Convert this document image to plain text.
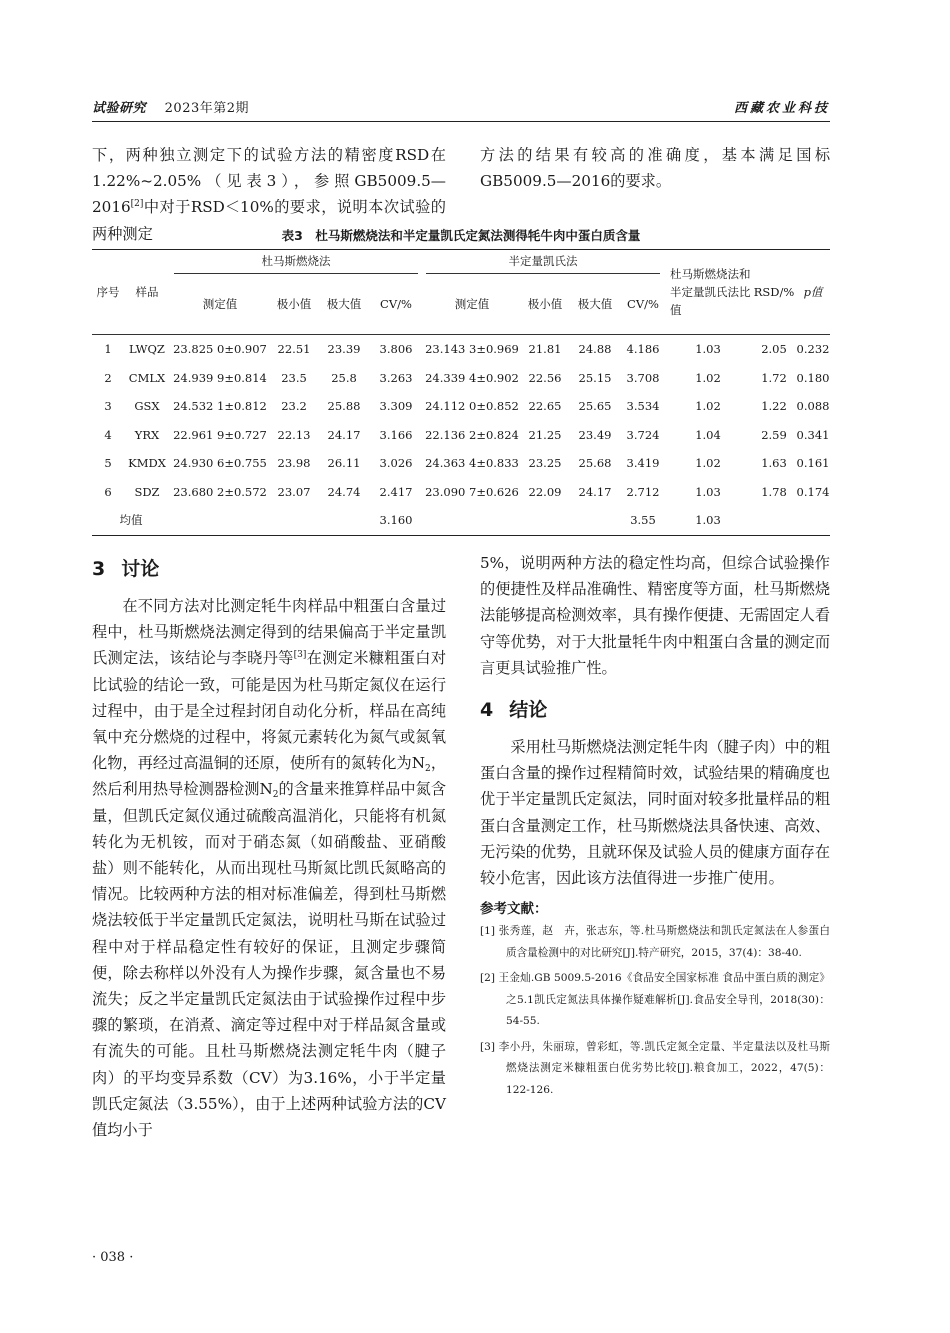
试验研究 2023年第2期	西藏农业科技

下，两种独立测定下的试验方法的精密度RSD在1.22%~2.05%（见表3），参照GB5009.5—2016[2]中对于RSD＜10%的要求，说明本次试验的两种测定

方法的结果有较高的准确度，基本满足国标GB5009.5—2016的要求。

表3　杜马斯燃烧法和半定量凯氏定氮法测得牦牛肉中蛋白质含量
序号	样品	杜马斯燃烧法				半定量凯氏法				杜马斯燃烧法和半定量凯氏法比值	RSD/%	p值
		测定值	极小值	极大值	CV/%	测定值	极小值	极大值	CV/%			
1	LWQZ	23.825 0±0.907	22.51	23.39	3.806	23.143 3±0.969	21.81	24.88	4.186	1.03	2.05	0.232
2	CMLX	24.939 9±0.814	23.5	25.8	3.263	24.339 4±0.902	22.56	25.15	3.708	1.02	1.72	0.180
3	GSX	24.532 1±0.812	23.2	25.88	3.309	24.112 0±0.852	22.65	25.65	3.534	1.02	1.22	0.088
4	YRX	22.961 9±0.727	22.13	24.17	3.166	22.136 2±0.824	21.25	23.49	3.724	1.04	2.59	0.341
5	KMDX	24.930 6±0.755	23.98	26.11	3.026	24.363 4±0.833	23.25	25.68	3.419	1.02	1.63	0.161
6	SDZ	23.680 2±0.572	23.07	24.74	2.417	23.090 7±0.626	22.09	24.17	2.712	1.03	1.78	0.174
均值					3.160				3.55	1.03		
3 讨论

在不同方法对比测定牦牛肉样品中粗蛋白含量过程中，杜马斯燃烧法测定得到的结果偏高于半定量凯氏测定法，该结论与李晓丹等[3]在测定米糠粗蛋白对比试验的结论一致，可能是因为杜马斯定氮仪在运行过程中，由于是全过程封闭自动化分析，样品在高纯氧中充分燃烧的过程中，将氮元素转化为氮气或氮氧化物，再经过高温铜的还原，使所有的氮转化为$N_2$，然后利用热导检测器检测$N_2$的含量来推算样品中氮含量，但凯氏定氮仪通过硫酸高温消化，只能将有机氮转化为无机铵，而对于硝态氮（如硝酸盐、亚硝酸盐）则不能转化，从而出现杜马斯氮比凯氏氮略高的情况。比较两种方法的相对标准偏差，得到杜马斯燃烧法较低于半定量凯氏定氮法，说明杜马斯在试验过程中对于样品稳定性有较好的保证，且测定步骤简便，除去称样以外没有人为操作步骤，氮含量也不易流失；反之半定量凯氏定氮法由于试验操作过程中步骤的繁琐，在消煮、滴定等过程中对于样品氮含量或有流失的可能。且杜马斯燃烧法测定牦牛肉（腱子肉）的平均变异系数（CV）为3.16%，小于半定量凯氏定氮法（3.55%），由于上述两种试验方法的CV值均小于

5%，说明两种方法的稳定性均高，但综合试验操作的便捷性及样品准确性、精密度等方面，杜马斯燃烧法能够提高检测效率，具有操作便捷、无需固定人看守等优势，对于大批量牦牛肉中粗蛋白含量的测定而言更具试验推广性。

4 结论

采用杜马斯燃烧法测定牦牛肉（腱子肉）中的粗蛋白含量的操作过程精简时效，试验结果的精确度也优于半定量凯氏定氮法，同时面对较多批量样品的粗蛋白含量测定工作，杜马斯燃烧法具备快速、高效、无污染的优势，且就环保及试验人员的健康方面存在较小危害，因此该方法值得进一步推广使用。

参考文献：

[1] 张秀莲，赵　卉，张志东，等.杜马斯燃烧法和凯氏定氮法在人参蛋白质含量检测中的对比研究[J].特产研究，2015，37(4)：38-40.

[2] 王金灿.GB 5009.5-2016《食品安全国家标准 食品中蛋白质的测定》之5.1凯氏定氮法具体操作疑难解析[J].食品安全导刊，2018(30)：54-55.

[3] 李小丹，朱丽琼，曾彩虹，等.凯氏定氮全定量、半定量法以及杜马斯燃烧法测定米糠粗蛋白优劣势比较[J].粮食加工，2022，47(5)：122-126.

· 038 ·
